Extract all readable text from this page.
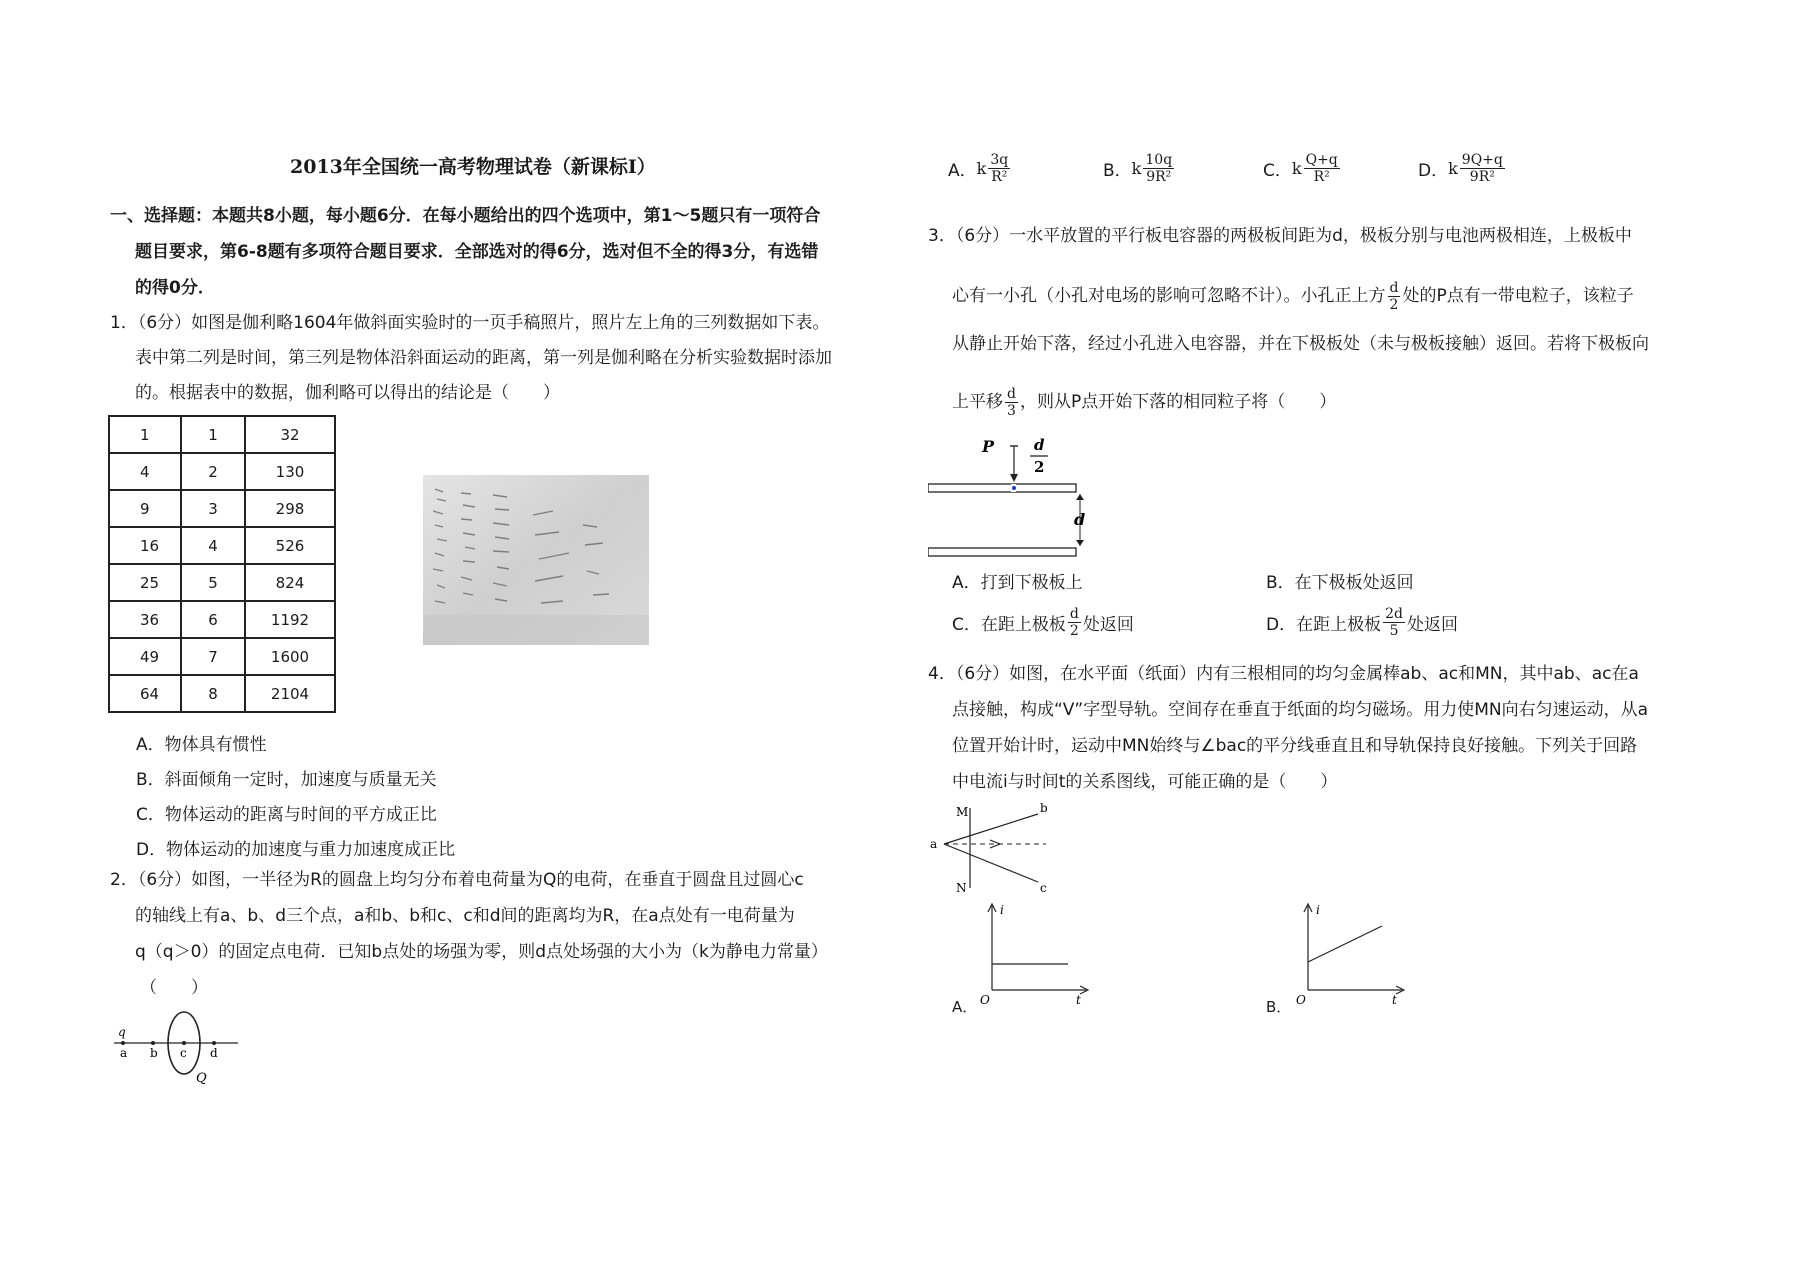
2013年全国统一高考物理试卷（新课标I）
一、选择题：本题共8小题，每小题6分．在每小题给出的四个选项中，第1～5题只有一项符合
题目要求，第6-8题有多项符合题目要求．全部选对的得6分，选对但不全的得3分，有选错
的得0分．
1．（6分）如图是伽利略1604年做斜面实验时的一页手稿照片，照片左上角的三列数据如下表。
表中第二列是时间，第三列是物体沿斜面运动的距离，第一列是伽利略在分析实验数据时添加
的。根据表中的数据，伽利略可以得出的结论是（　　）
1	1	32
4	2	130
9	3	298
16	4	526
25	5	824
36	6	1192
49	7	1600
64	8	2104
A．物体具有惯性
B．斜面倾角一定时，加速度与质量无关
C．物体运动的距离与时间的平方成正比
D．物体运动的加速度与重力加速度成正比
2．（6分）如图，一半径为R的圆盘上均匀分布着电荷量为Q的电荷，在垂直于圆盘且过圆心c
的轴线上有a、b、d三个点，a和b、b和c、c和d间的距离均为R，在a点处有一电荷量为
q（q＞0）的固定点电荷．已知b点处的场强为零，则d点处场强的大小为（k为静电力常量）
（　　）
q
a b c d
Q
A． k $\frac{3q}{\text{R²}}$	B． k $\frac{10q}{\text{9R²}}$	C． k $\frac{Q+q}{\text{R²}}$	D． k $\frac{9Q+q}{\text{9R²}}$
3．（6分）一水平放置的平行板电容器的两极板间距为d，极板分别与电池两极相连，上极板中
心有一小孔（小孔对电场的影响可忽略不计）。小孔正上方 $\frac{d}{2}$ 处的P点有一带电粒子，该粒子
从静止开始下落，经过小孔进入电容器，并在下极板处（未与极板接触）返回。若将下极板向
上平移 $\frac{d}{3}$ ，则从P点开始下落的相同粒子将（　　）
P	d
2
d
A．打到下极板上	B．在下极板处返回
C．在距上极板 $\frac{d}{2}$ 处返回	D．在距上极板 $\frac{2d}{5}$ 处返回
4．（6分）如图，在水平面（纸面）内有三根相同的均匀金属棒ab、ac和MN，其中ab、ac在a
点接触，构成“V”字型导轨。空间存在垂直于纸面的均匀磁场。用力使MN向右匀速运动，从a
位置开始计时，运动中MN始终与∠bac的平分线垂直且和导轨保持良好接触。下列关于回路
中电流i与时间t的关系图线，可能正确的是（　　）
M
N
a
b
c
O
i
t
A．	O
i
t
B．
